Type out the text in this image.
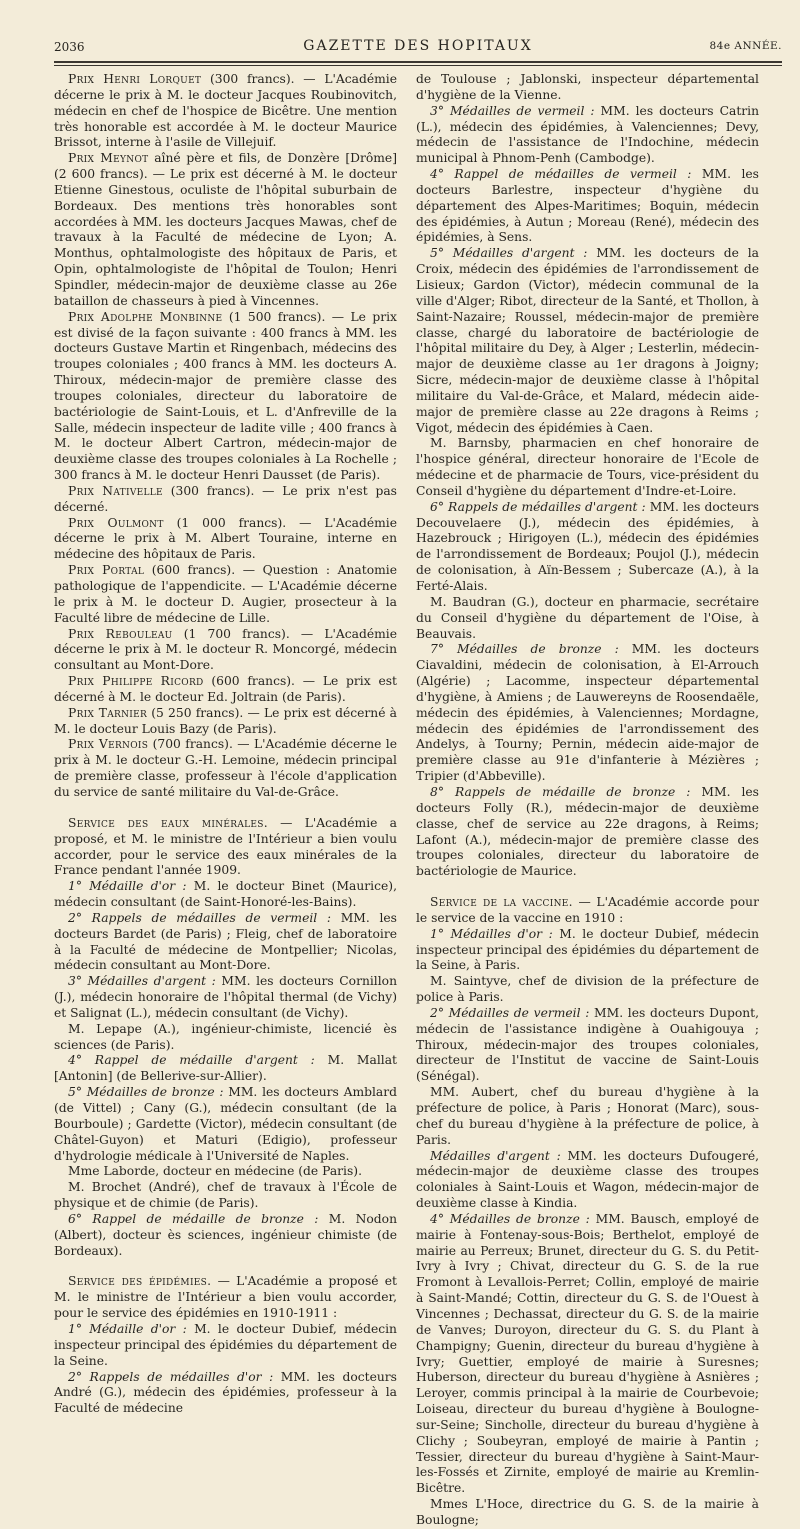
2036	GAZETTE DES HOPITAUX	84e ANNÉE.

Prix Henri Lorquet (300 francs). — L'Académie décerne le prix à M. le docteur Jacques Roubinovitch, médecin en chef de l'hospice de Bicêtre. Une mention très honorable est accordée à M. le docteur Maurice Brissot, interne à l'asile de Villejuif.

Prix Meynot aîné père et fils, de Donzère [Drôme] (2 600 francs). — Le prix est décerné à M. le docteur Etienne Ginestous, oculiste de l'hôpital suburbain de Bordeaux. Des mentions très honorables sont accordées à MM. les docteurs Jacques Mawas, chef de travaux à la Faculté de médecine de Lyon; A. Monthus, ophtalmologiste des hôpitaux de Paris, et Opin, ophtalmologiste de l'hôpital de Toulon; Henri Spindler, médecin-major de deuxième classe au 26e bataillon de chasseurs à pied à Vincennes.

Prix Adolphe Monbinne (1 500 francs). — Le prix est divisé de la façon suivante : 400 francs à MM. les docteurs Gustave Martin et Ringenbach, médecins des troupes coloniales ; 400 francs à MM. les docteurs A. Thiroux, médecin-major de première classe des troupes coloniales, directeur du laboratoire de bactériologie de Saint-Louis, et L. d'Anfreville de la Salle, médecin inspecteur de ladite ville ; 400 francs à M. le docteur Albert Cartron, médecin-major de deuxième classe des troupes coloniales à La Rochelle ; 300 francs à M. le docteur Henri Dausset (de Paris).

Prix Nativelle (300 francs). — Le prix n'est pas décerné.

Prix Oulmont (1 000 francs). — L'Académie décerne le prix à M. Albert Touraine, interne en médecine des hôpitaux de Paris.

Prix Portal (600 francs). — Question : Anatomie pathologique de l'appendicite. — L'Académie décerne le prix à M. le docteur D. Augier, prosecteur à la Faculté libre de médecine de Lille.

Prix Rebouleau (1 700 francs). — L'Académie décerne le prix à M. le docteur R. Moncorgé, médecin consultant au Mont-Dore.

Prix Philippe Ricord (600 francs). — Le prix est décerné à M. le docteur Ed. Joltrain (de Paris).

Prix Tarnier (5 250 francs). — Le prix est décerné à M. le docteur Louis Bazy (de Paris).

Prix Vernois (700 francs). — L'Académie décerne le prix à M. le docteur G.-H. Lemoine, médecin principal de première classe, professeur à l'école d'application du service de santé militaire du Val-de-Grâce.

Service des eaux minérales. — L'Académie a proposé, et M. le ministre de l'Intérieur a bien voulu accorder, pour le service des eaux minérales de la France pendant l'année 1909.

1° Médaille d'or : M. le docteur Binet (Maurice), médecin consultant (de Saint-Honoré-les-Bains).

2° Rappels de médailles de vermeil : MM. les docteurs Bardet (de Paris) ; Fleig, chef de laboratoire à la Faculté de médecine de Montpellier; Nicolas, médecin consultant au Mont-Dore.

3° Médailles d'argent : MM. les docteurs Cornillon (J.), médecin honoraire de l'hôpital thermal (de Vichy) et Salignat (L.), médecin consultant (de Vichy).

M. Lepape (A.), ingénieur-chimiste, licencié ès sciences (de Paris).

4° Rappel de médaille d'argent : M. Mallat [Antonin] (de Bellerive-sur-Allier).

5° Médailles de bronze : MM. les docteurs Amblard (de Vittel) ; Cany (G.), médecin consultant (de la Bourboule) ; Gardette (Victor), médecin consultant (de Châtel-Guyon) et Maturi (Edigio), professeur d'hydrologie médicale à l'Université de Naples.

Mme Laborde, docteur en médecine (de Paris).

M. Brochet (André), chef de travaux à l'École de physique et de chimie (de Paris).

6° Rappel de médaille de bronze : M. Nodon (Albert), docteur ès sciences, ingénieur chimiste (de Bordeaux).

Service des épidémies. — L'Académie a proposé et M. le ministre de l'Intérieur a bien voulu accorder, pour le service des épidémies en 1910-1911 :

1° Médaille d'or : M. le docteur Dubief, médecin inspecteur principal des épidémies du département de la Seine.

2° Rappels de médailles d'or : MM. les docteurs André (G.), médecin des épidémies, professeur à la Faculté de médecine

de Toulouse ; Jablonski, inspecteur départemental d'hygiène de la Vienne.

3° Médailles de vermeil : MM. les docteurs Catrin (L.), médecin des épidémies, à Valenciennes; Devy, médecin de l'assistance de l'Indochine, médecin municipal à Phnom-Penh (Cambodge).

4° Rappel de médailles de vermeil : MM. les docteurs Barlestre, inspecteur d'hygiène du département des Alpes-Maritimes; Boquin, médecin des épidémies, à Autun ; Moreau (René), médecin des épidémies, à Sens.

5° Médailles d'argent : MM. les docteurs de la Croix, médecin des épidémies de l'arrondissement de Lisieux; Gardon (Victor), médecin communal de la ville d'Alger; Ribot, directeur de la Santé, et Thollon, à Saint-Nazaire; Roussel, médecin-major de première classe, chargé du laboratoire de bactériologie de l'hôpital militaire du Dey, à Alger ; Lesterlin, médecin-major de deuxième classe au 1er dragons à Joigny; Sicre, médecin-major de deuxième classe à l'hôpital militaire du Val-de-Grâce, et Malard, médecin aide-major de première classe au 22e dragons à Reims ; Vigot, médecin des épidémies à Caen.

M. Barnsby, pharmacien en chef honoraire de l'hospice général, directeur honoraire de l'Ecole de médecine et de pharmacie de Tours, vice-président du Conseil d'hygiène du département d'Indre-et-Loire.

6° Rappels de médailles d'argent : MM. les docteurs Decouvelaere (J.), médecin des épidémies, à Hazebrouck ; Hirigoyen (L.), médecin des épidémies de l'arrondissement de Bordeaux; Poujol (J.), médecin de colonisation, à Aïn-Bessem ; Subercaze (A.), à la Ferté-Alais.

M. Baudran (G.), docteur en pharmacie, secrétaire du Conseil d'hygiène du département de l'Oise, à Beauvais.

7° Médailles de bronze : MM. les docteurs Ciavaldini, médecin de colonisation, à El-Arrouch (Algérie) ; Lacomme, inspecteur départemental d'hygiène, à Amiens ; de Lauwereyns de Roosendaële, médecin des épidémies, à Valenciennes; Mordagne, médecin des épidémies de l'arrondissement des Andelys, à Tourny; Pernin, médecin aide-major de première classe au 91e d'infanterie à Mézières ; Tripier (d'Abbeville).

8° Rappels de médaille de bronze : MM. les docteurs Folly (R.), médecin-major de deuxième classe, chef de service au 22e dragons, à Reims; Lafont (A.), médecin-major de première classe des troupes coloniales, directeur du laboratoire de bactériologie de Maurice.

Service de la vaccine. — L'Académie accorde pour le service de la vaccine en 1910 :

1° Médailles d'or : M. le docteur Dubief, médecin inspecteur principal des épidémies du département de la Seine, à Paris.

M. Saintyve, chef de division de la préfecture de police à Paris.

2° Médailles de vermeil : MM. les docteurs Dupont, médecin de l'assistance indigène à Ouahigouya ; Thiroux, médecin-major des troupes coloniales, directeur de l'Institut de vaccine de Saint-Louis (Sénégal).

MM. Aubert, chef du bureau d'hygiène à la préfecture de police, à Paris ; Honorat (Marc), sous-chef du bureau d'hygiène à la préfecture de police, à Paris.

Médailles d'argent : MM. les docteurs Dufougeré, médecin-major de deuxième classe des troupes coloniales à Saint-Louis et Wagon, médecin-major de deuxième classe à Kindia.

4° Médailles de bronze : MM. Bausch, employé de mairie à Fontenay-sous-Bois; Berthelot, employé de mairie au Perreux; Brunet, directeur du G. S. du Petit-Ivry à Ivry ; Chivat, directeur du G. S. de la rue Fromont à Levallois-Perret; Collin, employé de mairie à Saint-Mandé; Cottin, directeur du G. S. de l'Ouest à Vincennes ; Dechassat, directeur du G. S. de la mairie de Vanves; Duroyon, directeur du G. S. du Plant à Champigny; Guenin, directeur du bureau d'hygiène à Ivry; Guettier, employé de mairie à Suresnes; Huberson, directeur du bureau d'hygiène à Asnières ; Leroyer, commis principal à la mairie de Courbevoie; Loiseau, directeur du bureau d'hygiène à Boulogne-sur-Seine; Sincholle, directeur du bureau d'hygiène à Clichy ; Soubeyran, employé de mairie à Pantin ; Tessier, directeur du bureau d'hygiène à Saint-Maur-les-Fossés et Zirnite, employé de mairie au Kremlin-Bicêtre.

Mmes L'Hoce, directrice du G. S. de la mairie à Boulogne;
